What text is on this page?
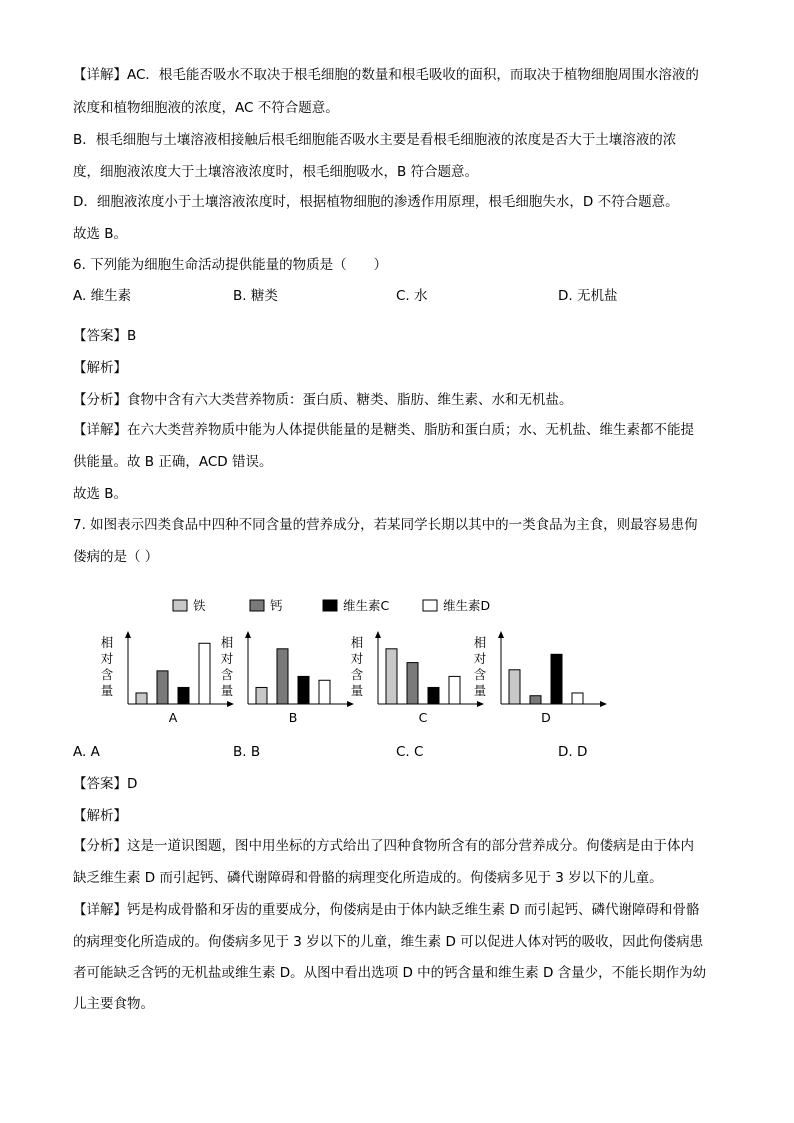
【详解】AC．根毛能否吸水不取决于根毛细胞的数量和根毛吸收的面积，而取决于植物细胞周围水溶液的
浓度和植物细胞液的浓度，AC 不符合题意。
B．根毛细胞与土壤溶液相接触后根毛细胞能否吸水主要是看根毛细胞液的浓度是否大于土壤溶液的浓
度，细胞液浓度大于土壤溶液浓度时，根毛细胞吸水，B 符合题意。
D．细胞液浓度小于土壤溶液浓度时，根据植物细胞的渗透作用原理，根毛细胞失水，D 不符合题意。
故选 B。
6. 下列能为细胞生命活动提供能量的物质是（　　）
A. 维生素	B. 糖类	C. 水	D. 无机盐
【答案】B
【解析】
【分析】食物中含有六大类营养物质：蛋白质、糖类、脂肪、维生素、水和无机盐。
【详解】在六大类营养物质中能为人体提供能量的是糖类、脂肪和蛋白质；水、无机盐、维生素都不能提
供能量。故 B 正确，ACD 错误。
故选 B。
7. 如图表示四类食品中四种不同含量的营养成分，若某同学长期以其中的一类食品为主食，则最容易患佝
偻病的是（ ）
铁	钙	维生素C	维生素D
相
对
含
量
A
相
对
含
量
B
相
对
含
量
C
相
对
含
量
D
A. A	B. B	C. C	D. D
【答案】D
【解析】
【分析】这是一道识图题，图中用坐标的方式给出了四种食物所含有的部分营养成分。佝偻病是由于体内
缺乏维生素 D 而引起钙、磷代谢障碍和骨骼的病理变化所造成的。佝偻病多见于 3 岁以下的儿童。
【详解】钙是构成骨骼和牙齿的重要成分，佝偻病是由于体内缺乏维生素 D 而引起钙、磷代谢障碍和骨骼
的病理变化所造成的。佝偻病多见于 3 岁以下的儿童，维生素 D 可以促进人体对钙的吸收，因此佝偻病患
者可能缺乏含钙的无机盐或维生素 D。从图中看出选项 D 中的钙含量和维生素 D 含量少，不能长期作为幼
儿主要食物。
